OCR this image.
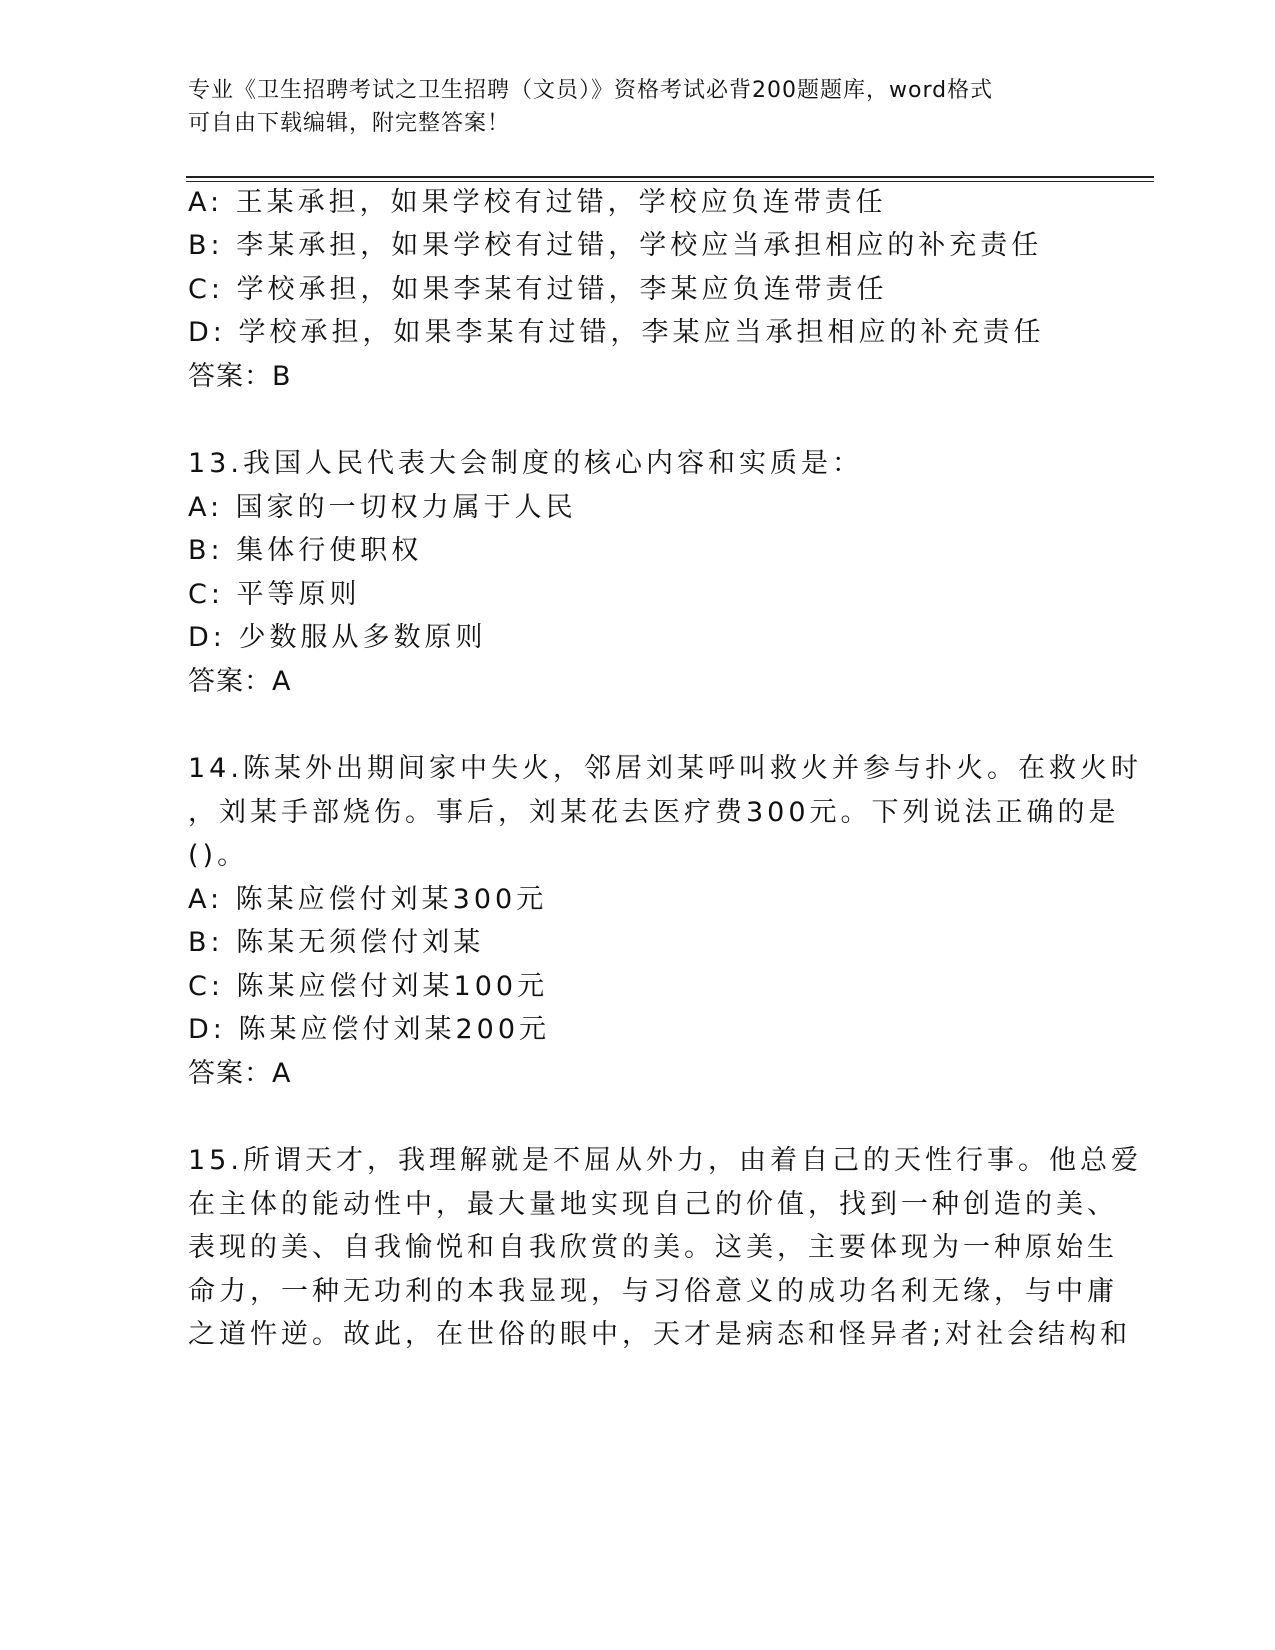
专业《卫生招聘考试之卫生招聘（文员）》资格考试必背200题题库，word格式
可自由下载编辑，附完整答案！
A: 王某承担，如果学校有过错，学校应负连带责任
B: 李某承担，如果学校有过错，学校应当承担相应的补充责任
C: 学校承担，如果李某有过错，李某应负连带责任
D: 学校承担，如果李某有过错，李某应当承担相应的补充责任
答案：B
13.我国人民代表大会制度的核心内容和实质是：
A: 国家的一切权力属于人民
B: 集体行使职权
C: 平等原则
D: 少数服从多数原则
答案：A
14.陈某外出期间家中失火，邻居刘某呼叫救火并参与扑火。在救火时
，刘某手部烧伤。事后，刘某花去医疗费300元。下列说法正确的是
()。
A: 陈某应偿付刘某300元
B: 陈某无须偿付刘某
C: 陈某应偿付刘某100元
D: 陈某应偿付刘某200元
答案：A
15.所谓天才，我理解就是不屈从外力，由着自己的天性行事。他总爱
在主体的能动性中，最大量地实现自己的价值，找到一种创造的美、
表现的美、自我愉悦和自我欣赏的美。这美，主要体现为一种原始生
命力，一种无功利的本我显现，与习俗意义的成功名利无缘，与中庸
之道忤逆。故此，在世俗的眼中，天才是病态和怪异者;对社会结构和
